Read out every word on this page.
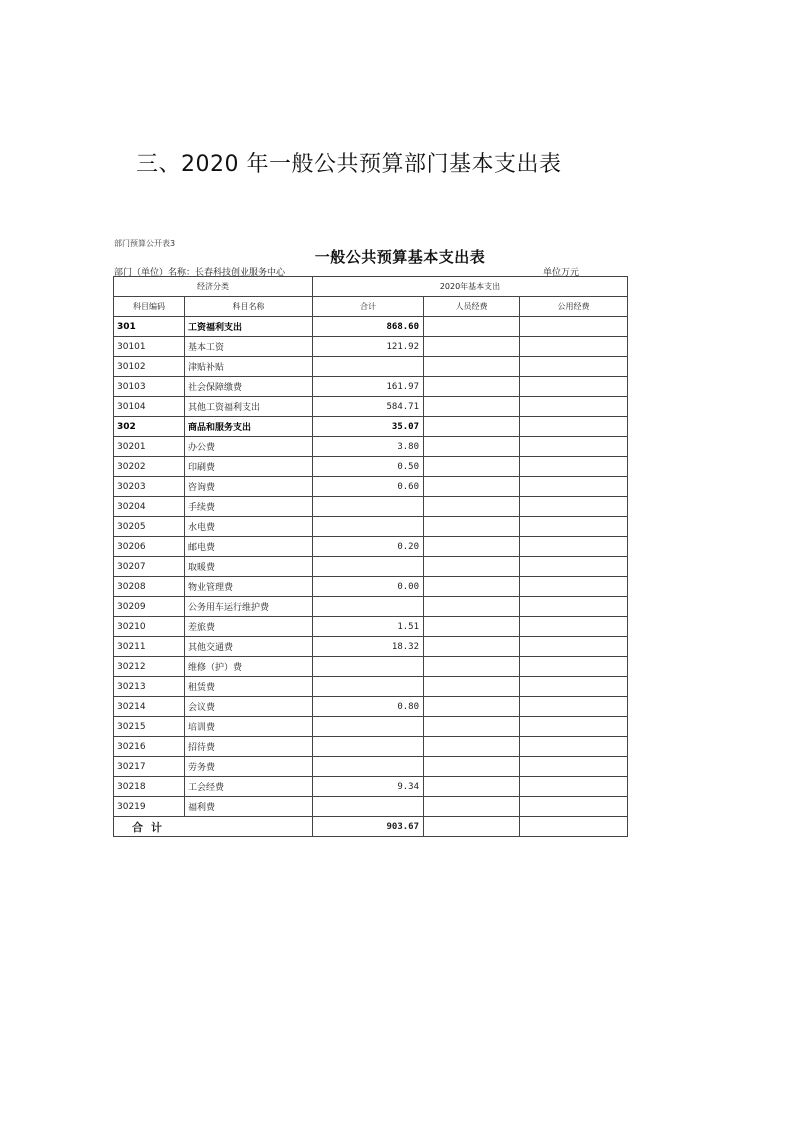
三、2020 年一般公共预算部门基本支出表
部门预算公开表3
一般公共预算基本支出表
部门（单位）名称：长春科技创业服务中心	单位万元
经济分类		2020年基本支出		
科目编码	科目名称	合计	人员经费	公用经费
301	工资福利支出	868.60		
30101	基本工资	121.92		
30102	津贴补贴			
30103	社会保障缴费	161.97		
30104	其他工资福利支出	584.71		
302	商品和服务支出	35.07		
30201	办公费	3.80		
30202	印刷费	0.50		
30203	咨询费	0.60		
30204	手续费			
30205	水电费			
30206	邮电费	0.20		
30207	取暖费			
30208	物业管理费	0.00		
30209	公务用车运行维护费			
30210	差旅费	1.51		
30211	其他交通费	18.32		
30212	维修（护）费			
30213	租赁费			
30214	会议费	0.80		
30215	培训费			
30216	招待费			
30217	劳务费			
30218	工会经费	9.34		
30219	福利费			
合计		903.67		
